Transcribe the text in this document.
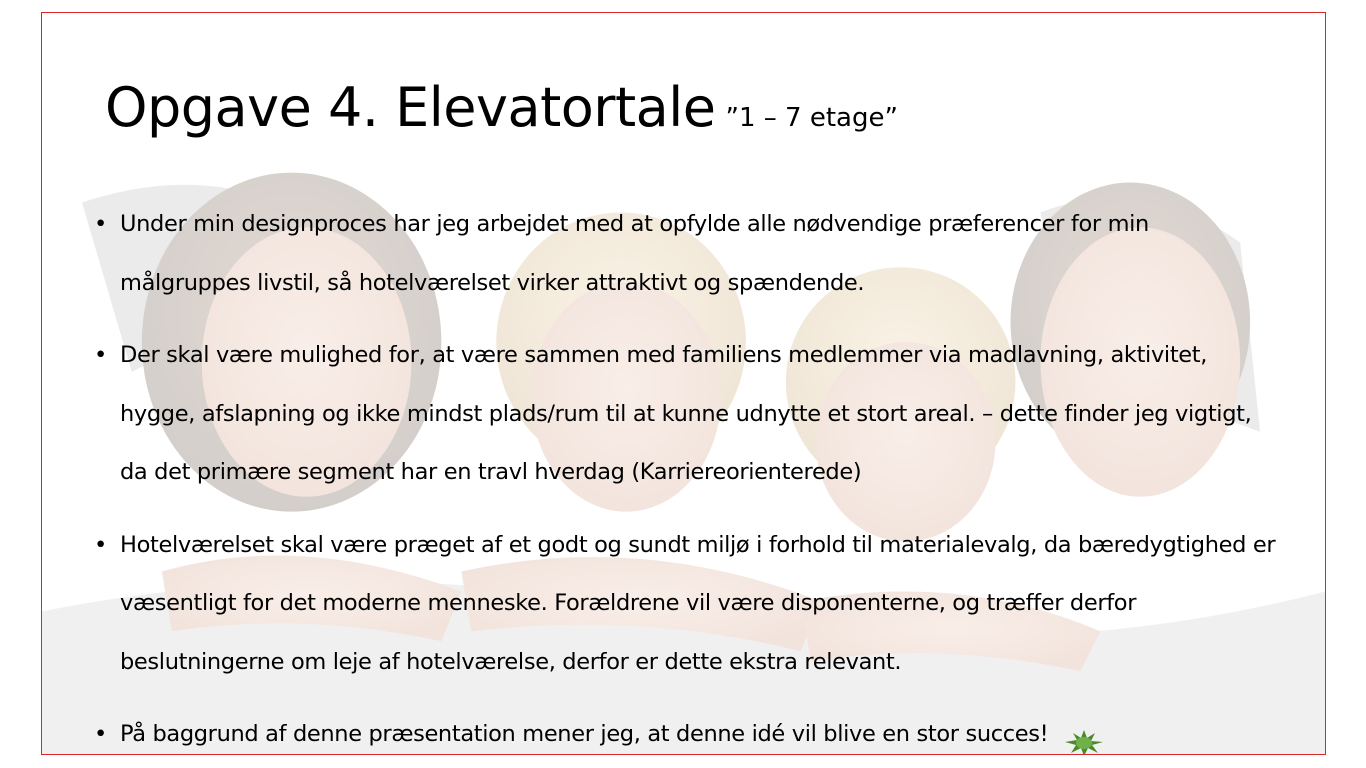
Opgave 4. Elevatortale ”1 – 7 etage”
• Under min designproces har jeg arbejdet med at opfylde alle nødvendige præferencer for min målgruppes livstil, så hotelværelset virker attraktivt og spændende.
• Der skal være mulighed for, at være sammen med familiens medlemmer via madlavning, aktivitet, hygge, afslapning og ikke mindst plads/rum til at kunne udnytte et stort areal. – dette finder jeg vigtigt, da det primære segment har en travl hverdag (Karriereorienterede)
• Hotelværelset skal være præget af et godt og sundt miljø i forhold til materialevalg, da bæredygtighed er væsentligt for det moderne menneske. Forældrene vil være disponenterne, og træffer derfor beslutningerne om leje af hotelværelse, derfor er dette ekstra relevant.
• På baggrund af denne præsentation mener jeg, at denne idé vil blive en stor succes!
